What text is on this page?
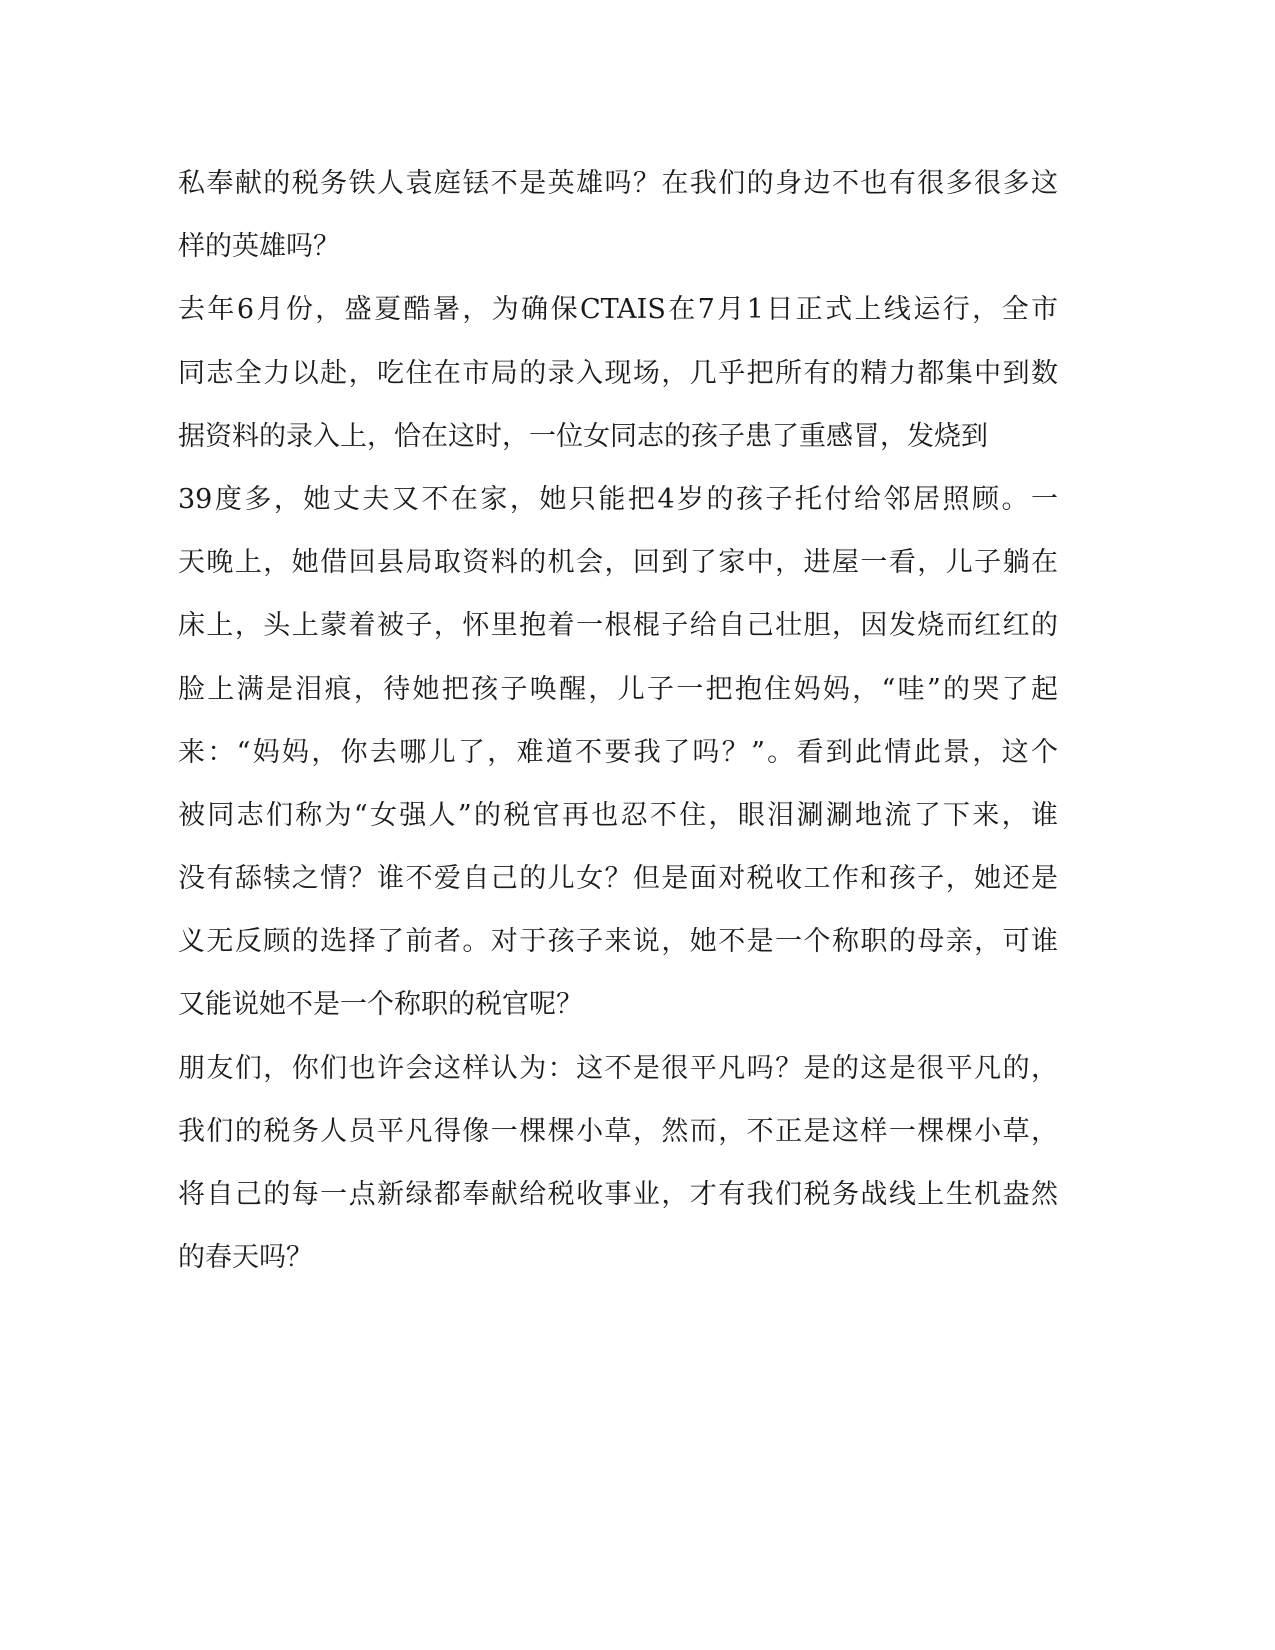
私奉献的税务铁人袁庭铥不是英雄吗？在我们的身边不也有很多很多这
样的英雄吗？
去年6月份，盛夏酷暑，为确保CTAIS在7月1日正式上线运行，全市
同志全力以赴，吃住在市局的录入现场，几乎把所有的精力都集中到数
据资料的录入上，恰在这时，一位女同志的孩子患了重感冒，发烧到
39度多，她丈夫又不在家，她只能把4岁的孩子托付给邻居照顾。一
天晚上，她借回县局取资料的机会，回到了家中，进屋一看，儿子躺在
床上，头上蒙着被子，怀里抱着一根棍子给自己壮胆，因发烧而红红的
脸上满是泪痕，待她把孩子唤醒，儿子一把抱住妈妈，“哇”的哭了起
来：“妈妈，你去哪儿了，难道不要我了吗？”。看到此情此景，这个
被同志们称为“女强人”的税官再也忍不住，眼泪涮涮地流了下来，谁
没有舔犊之情？谁不爱自己的儿女？但是面对税收工作和孩子，她还是
义无反顾的选择了前者。对于孩子来说，她不是一个称职的母亲，可谁
又能说她不是一个称职的税官呢？
朋友们，你们也许会这样认为：这不是很平凡吗？是的这是很平凡的，
我们的税务人员平凡得像一棵棵小草，然而，不正是这样一棵棵小草，
将自己的每一点新绿都奉献给税收事业，才有我们税务战线上生机盎然
的春天吗？
